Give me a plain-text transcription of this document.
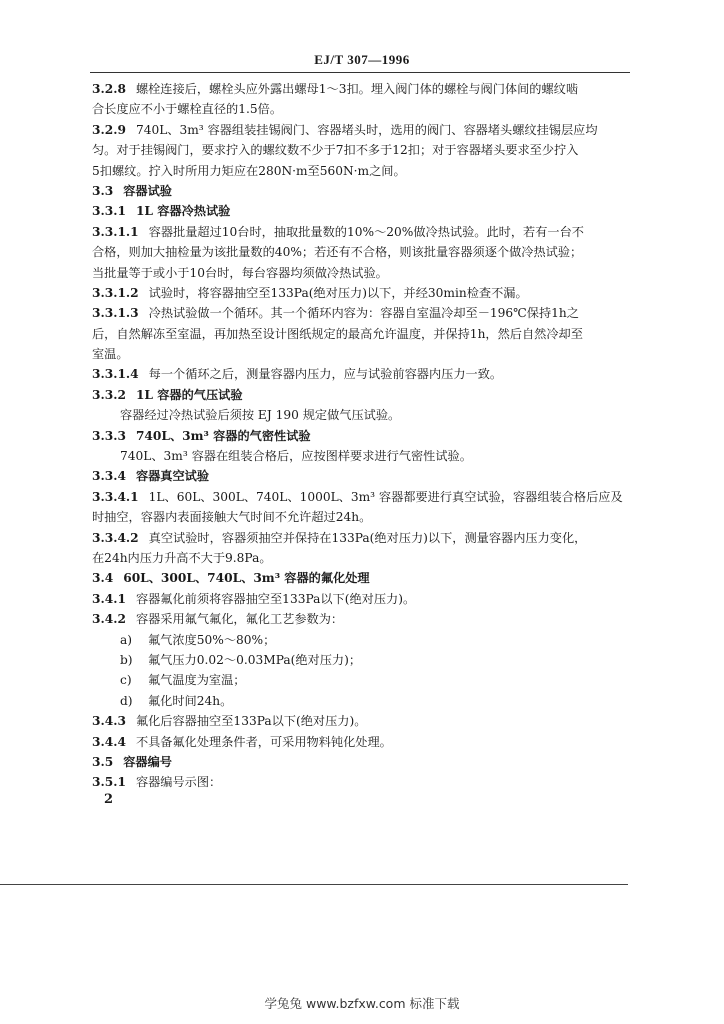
EJ/T 307—1996
3.2.8 螺栓连接后，螺栓头应外露出螺母1～3扣。埋入阀门体的螺栓与阀门体间的螺纹啮
合长度应不小于螺栓直径的1.5倍。
3.2.9 740L、3m³ 容器组装挂锡阀门、容器堵头时，选用的阀门、容器堵头螺纹挂锡层应均
匀。对于挂锡阀门，要求拧入的螺纹数不少于7扣不多于12扣；对于容器堵头要求至少拧入
5扣螺纹。拧入时所用力矩应在280N·m至560N·m之间。
3.3 容器试验
3.3.1 1L 容器冷热试验
3.3.1.1 容器批量超过10台时，抽取批量数的10%～20%做冷热试验。此时，若有一台不
合格，则加大抽检量为该批量数的40%；若还有不合格，则该批量容器须逐个做冷热试验；
当批量等于或小于10台时，每台容器均须做冷热试验。
3.3.1.2 试验时，将容器抽空至133Pa(绝对压力)以下，并经30min检查不漏。
3.3.1.3 冷热试验做一个循环。其一个循环内容为：容器自室温冷却至－196℃保持1h之
后，自然解冻至室温，再加热至设计图纸规定的最高允许温度，并保持1h，然后自然冷却至
室温。
3.3.1.4 每一个循环之后，测量容器内压力，应与试验前容器内压力一致。
3.3.2 1L 容器的气压试验
容器经过冷热试验后须按 EJ 190 规定做气压试验。
3.3.3 740L、3m³ 容器的气密性试验
740L、3m³ 容器在组装合格后，应按图样要求进行气密性试验。
3.3.4 容器真空试验
3.3.4.1 1L、60L、300L、740L、1000L、3m³ 容器都要进行真空试验，容器组装合格后应及
时抽空，容器内表面接触大气时间不允许超过24h。
3.3.4.2 真空试验时，容器须抽空并保持在133Pa(绝对压力)以下，测量容器内压力变化，
在24h内压力升高不大于9.8Pa。
3.4 60L、300L、740L、3m³ 容器的氟化处理
3.4.1 容器氟化前须将容器抽空至133Pa以下(绝对压力)。
3.4.2 容器采用氟气氟化，氟化工艺参数为：
a) 氟气浓度50%～80%；
b) 氟气压力0.02～0.03MPa(绝对压力)；
c) 氟气温度为室温；
d) 氟化时间24h。
3.4.3 氟化后容器抽空至133Pa以下(绝对压力)。
3.4.4 不具备氟化处理条件者，可采用物料钝化处理。
3.5 容器编号
3.5.1 容器编号示图：
2
学兔兔 www.bzfxw.com 标准下载
